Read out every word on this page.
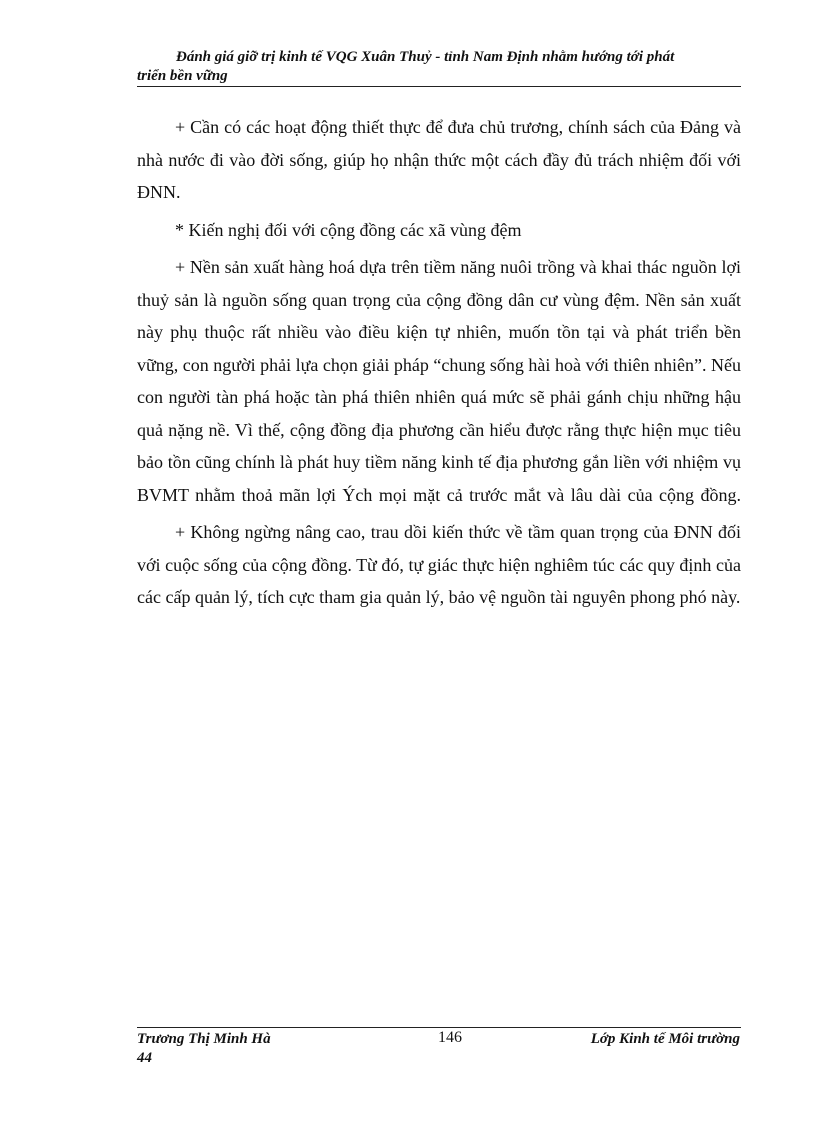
Đánh giá giỡ trị kinh tế VQG Xuân Thuỷ - tỉnh Nam Định nhằm hướng tới phát
triển bền vững

+ Cần có các hoạt động thiết thực để đưa chủ trương, chính sách của Đảng và nhà nước đi vào đời sống, giúp họ nhận thức một cách đầy đủ trách nhiệm đối với ĐNN.

* Kiến nghị đối với cộng đồng các xã vùng đệm

+ Nền sản xuất hàng hoá dựa trên tiềm năng nuôi trồng và khai thác nguồn lợi thuỷ sản là nguồn sống quan trọng của cộng đồng dân cư vùng đệm. Nền sản xuất này phụ thuộc rất nhiều vào điều kiện tự nhiên, muốn tồn tại và phát triển bền vững, con người phải lựa chọn giải pháp “chung sống hài hoà với thiên nhiên”. Nếu con người tàn phá hoặc tàn phá thiên nhiên quá mức sẽ phải gánh chịu những hậu quả nặng nề. Vì thế, cộng đồng địa phương cần hiểu được rằng thực hiện mục tiêu bảo tồn cũng chính là phát huy tiềm năng kinh tế địa phương gắn liền với nhiệm vụ BVMT nhằm thoả mãn lợi Ých mọi mặt cả trước mắt và lâu dài của cộng đồng.

+ Không ngừng nâng cao, trau dồi kiến thức về tầm quan trọng của ĐNN đối với cuộc sống của cộng đồng. Từ đó, tự giác thực hiện nghiêm túc các quy định của các cấp quản lý, tích cực tham gia quản lý, bảo vệ nguồn tài nguyên phong phó này.

Trương Thị Minh Hà
44
146	Lớp Kinh tế Môi trường
